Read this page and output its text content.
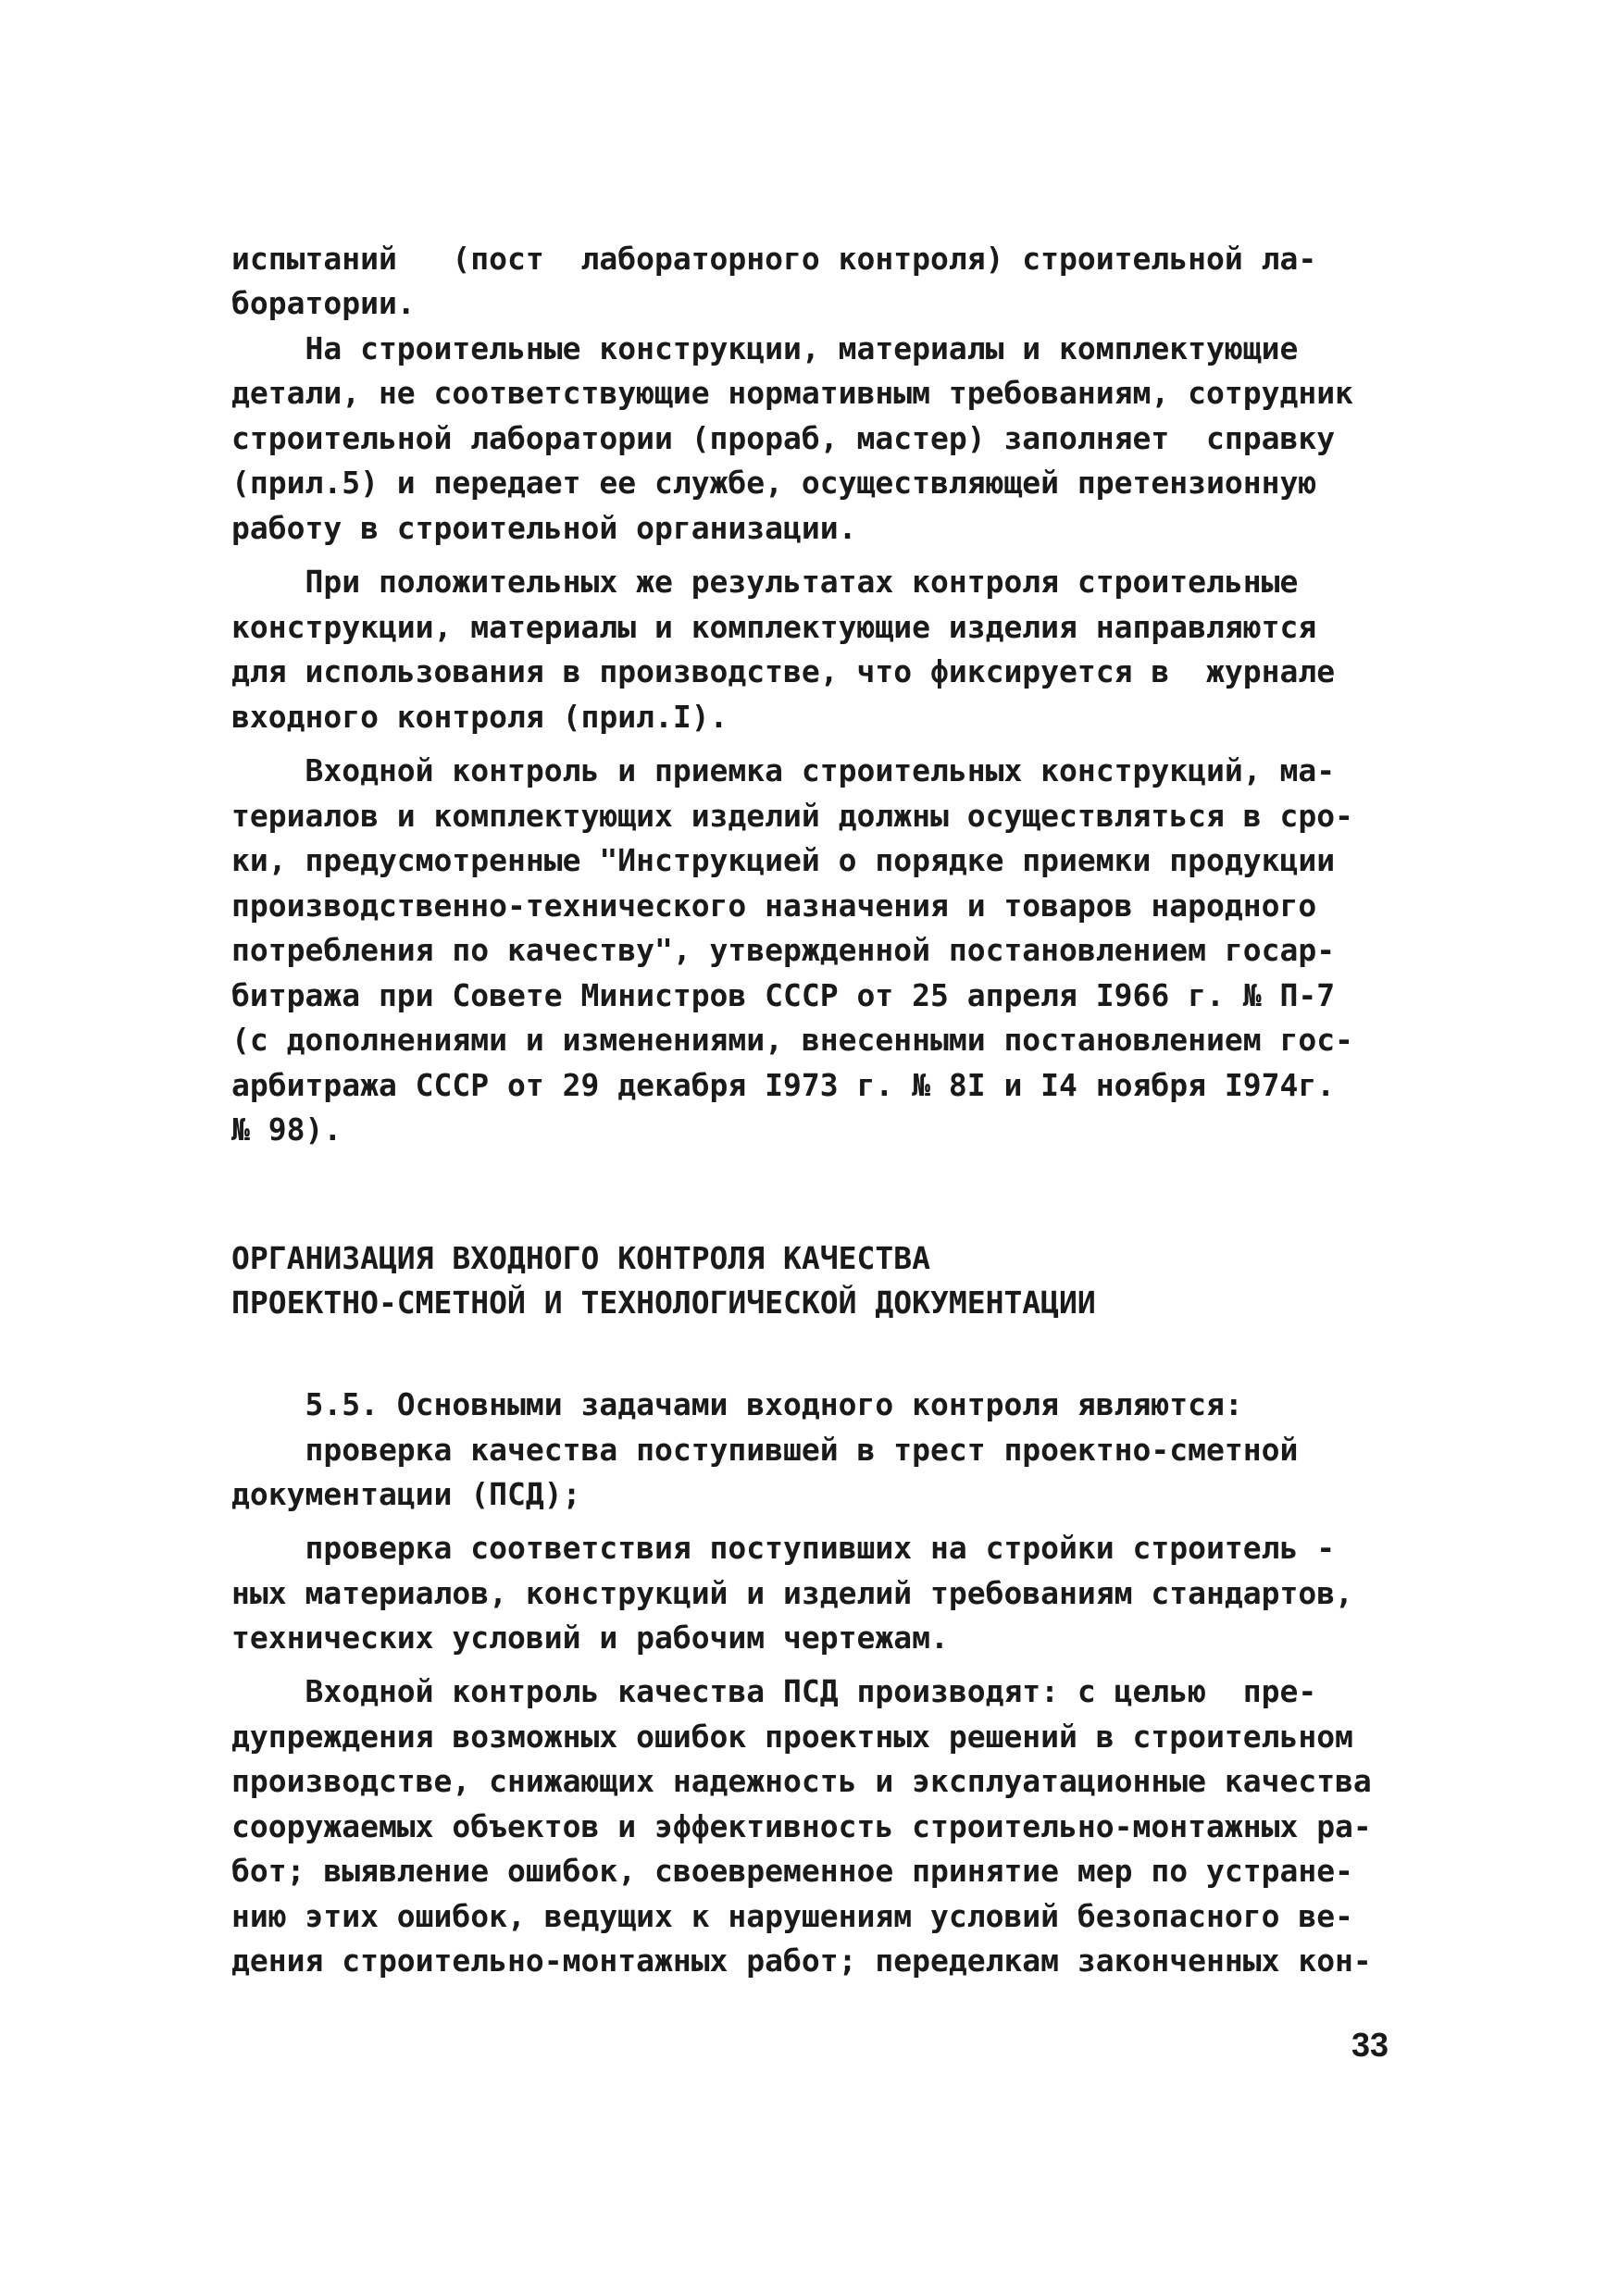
испытаний   (пост  лабораторного контроля) строительной ла-
боратории.
На строительные конструкции, материалы и комплектующие
детали, не соответствующие нормативным требованиям, сотрудник
строительной лаборатории (прораб, мастер) заполняет  справку
(прил.5) и передает ее службе, осуществляющей претензионную
работу в строительной организации.
При положительных же результатах контроля строительные
конструкции, материалы и комплектующие изделия направляются
для использования в производстве, что фиксируется в  журнале
входного контроля (прил.I).
Входной контроль и приемка строительных конструкций, ма-
териалов и комплектующих изделий должны осуществляться в сро-
ки, предусмотренные "Инструкцией о порядке приемки продукции
производственно-технического назначения и товаров народного
потребления по качеству", утвержденной постановлением госар-
битража при Совете Министров СССР от 25 апреля I966 г. № П-7
(с дополнениями и изменениями, внесенными постановлением гос-
арбитража СССР от 29 декабря I973 г. № 8I и I4 ноября I974г.
№ 98).
ОРГАНИЗАЦИЯ ВХОДНОГО КОНТРОЛЯ КАЧЕСТВА
ПРОЕКТНО-СМЕТНОЙ И ТЕХНОЛОГИЧЕСКОЙ ДОКУМЕНТАЦИИ
5.5. Основными задачами входного контроля являются:
проверка качества поступившей в трест проектно-сметной
документации (ПСД);
проверка соответствия поступивших на стройки строитель -
ных материалов, конструкций и изделий требованиям стандартов,
технических условий и рабочим чертежам.
Входной контроль качества ПСД производят: с целью  пре-
дупреждения возможных ошибок проектных решений в строительном
производстве, снижающих надежность и эксплуатационные качества
сооружаемых объектов и эффективность строительно-монтажных ра-
бот; выявление ошибок, своевременное принятие мер по устране-
нию этих ошибок, ведущих к нарушениям условий безопасного ве-
дения строительно-монтажных работ; переделкам законченных кон-
33
